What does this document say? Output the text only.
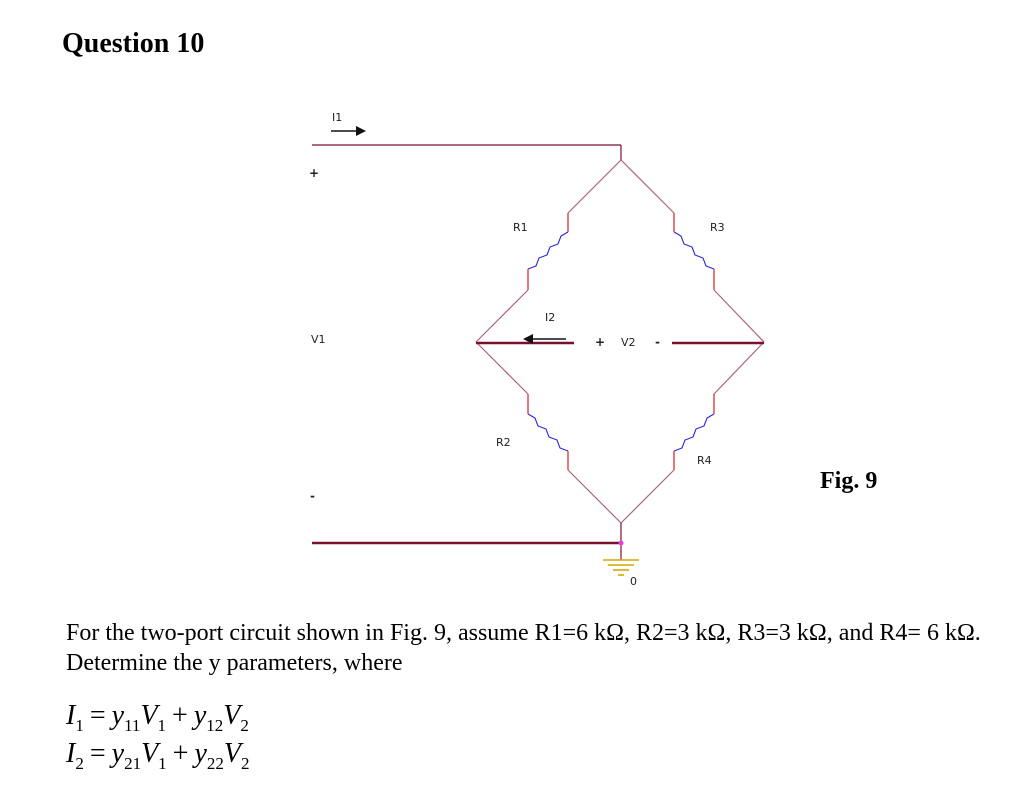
Question 10
0
I1
+
V1
-
I2
+ V2 -
R1
R2
R3
R4
Fig. 9
For the two-port circuit shown in Fig. 9, assume R1=6 kΩ, R2=3 kΩ, R3=3 kΩ, and R4= 6 kΩ. Determine the y parameters, where
$I_1 = y_{11}V_1 + y_{12}V_2$
$I_2 = y_{21}V_1 + y_{22}V_2$
